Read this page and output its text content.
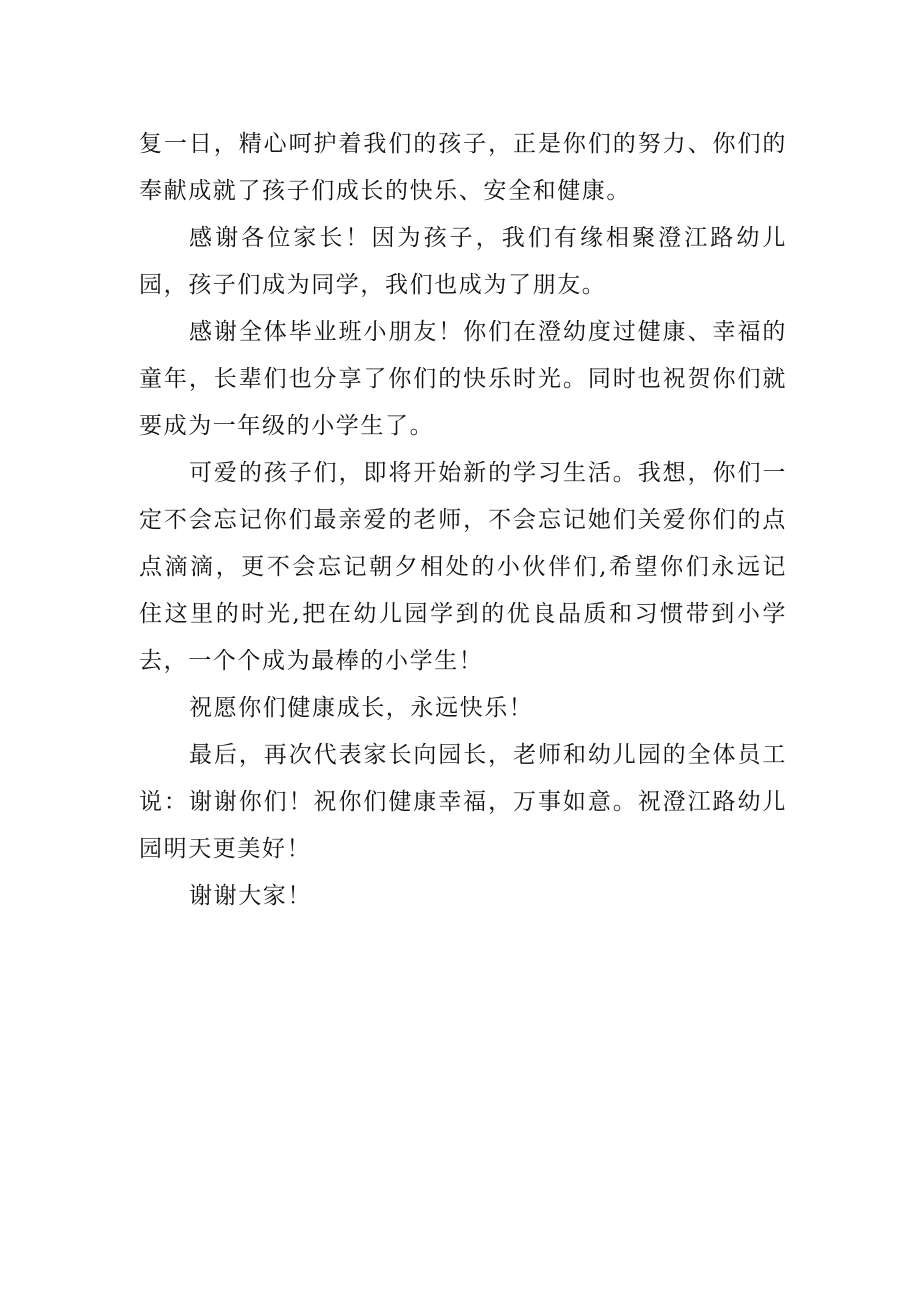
复一日，精心呵护着我们的孩子，正是你们的努力、你们的奉献成就了孩子们成长的快乐、安全和健康。

感谢各位家长！因为孩子，我们有缘相聚澄江路幼儿园，孩子们成为同学，我们也成为了朋友。

感谢全体毕业班小朋友！你们在澄幼度过健康、幸福的童年，长辈们也分享了你们的快乐时光。同时也祝贺你们就要成为一年级的小学生了。

可爱的孩子们，即将开始新的学习生活。我想，你们一定不会忘记你们最亲爱的老师，不会忘记她们关爱你们的点点滴滴，更不会忘记朝夕相处的小伙伴们,希望你们永远记住这里的时光,把在幼儿园学到的优良品质和习惯带到小学去，一个个成为最棒的小学生！

祝愿你们健康成长，永远快乐！

最后，再次代表家长向园长，老师和幼儿园的全体员工说：谢谢你们！祝你们健康幸福，万事如意。祝澄江路幼儿园明天更美好！

谢谢大家！
